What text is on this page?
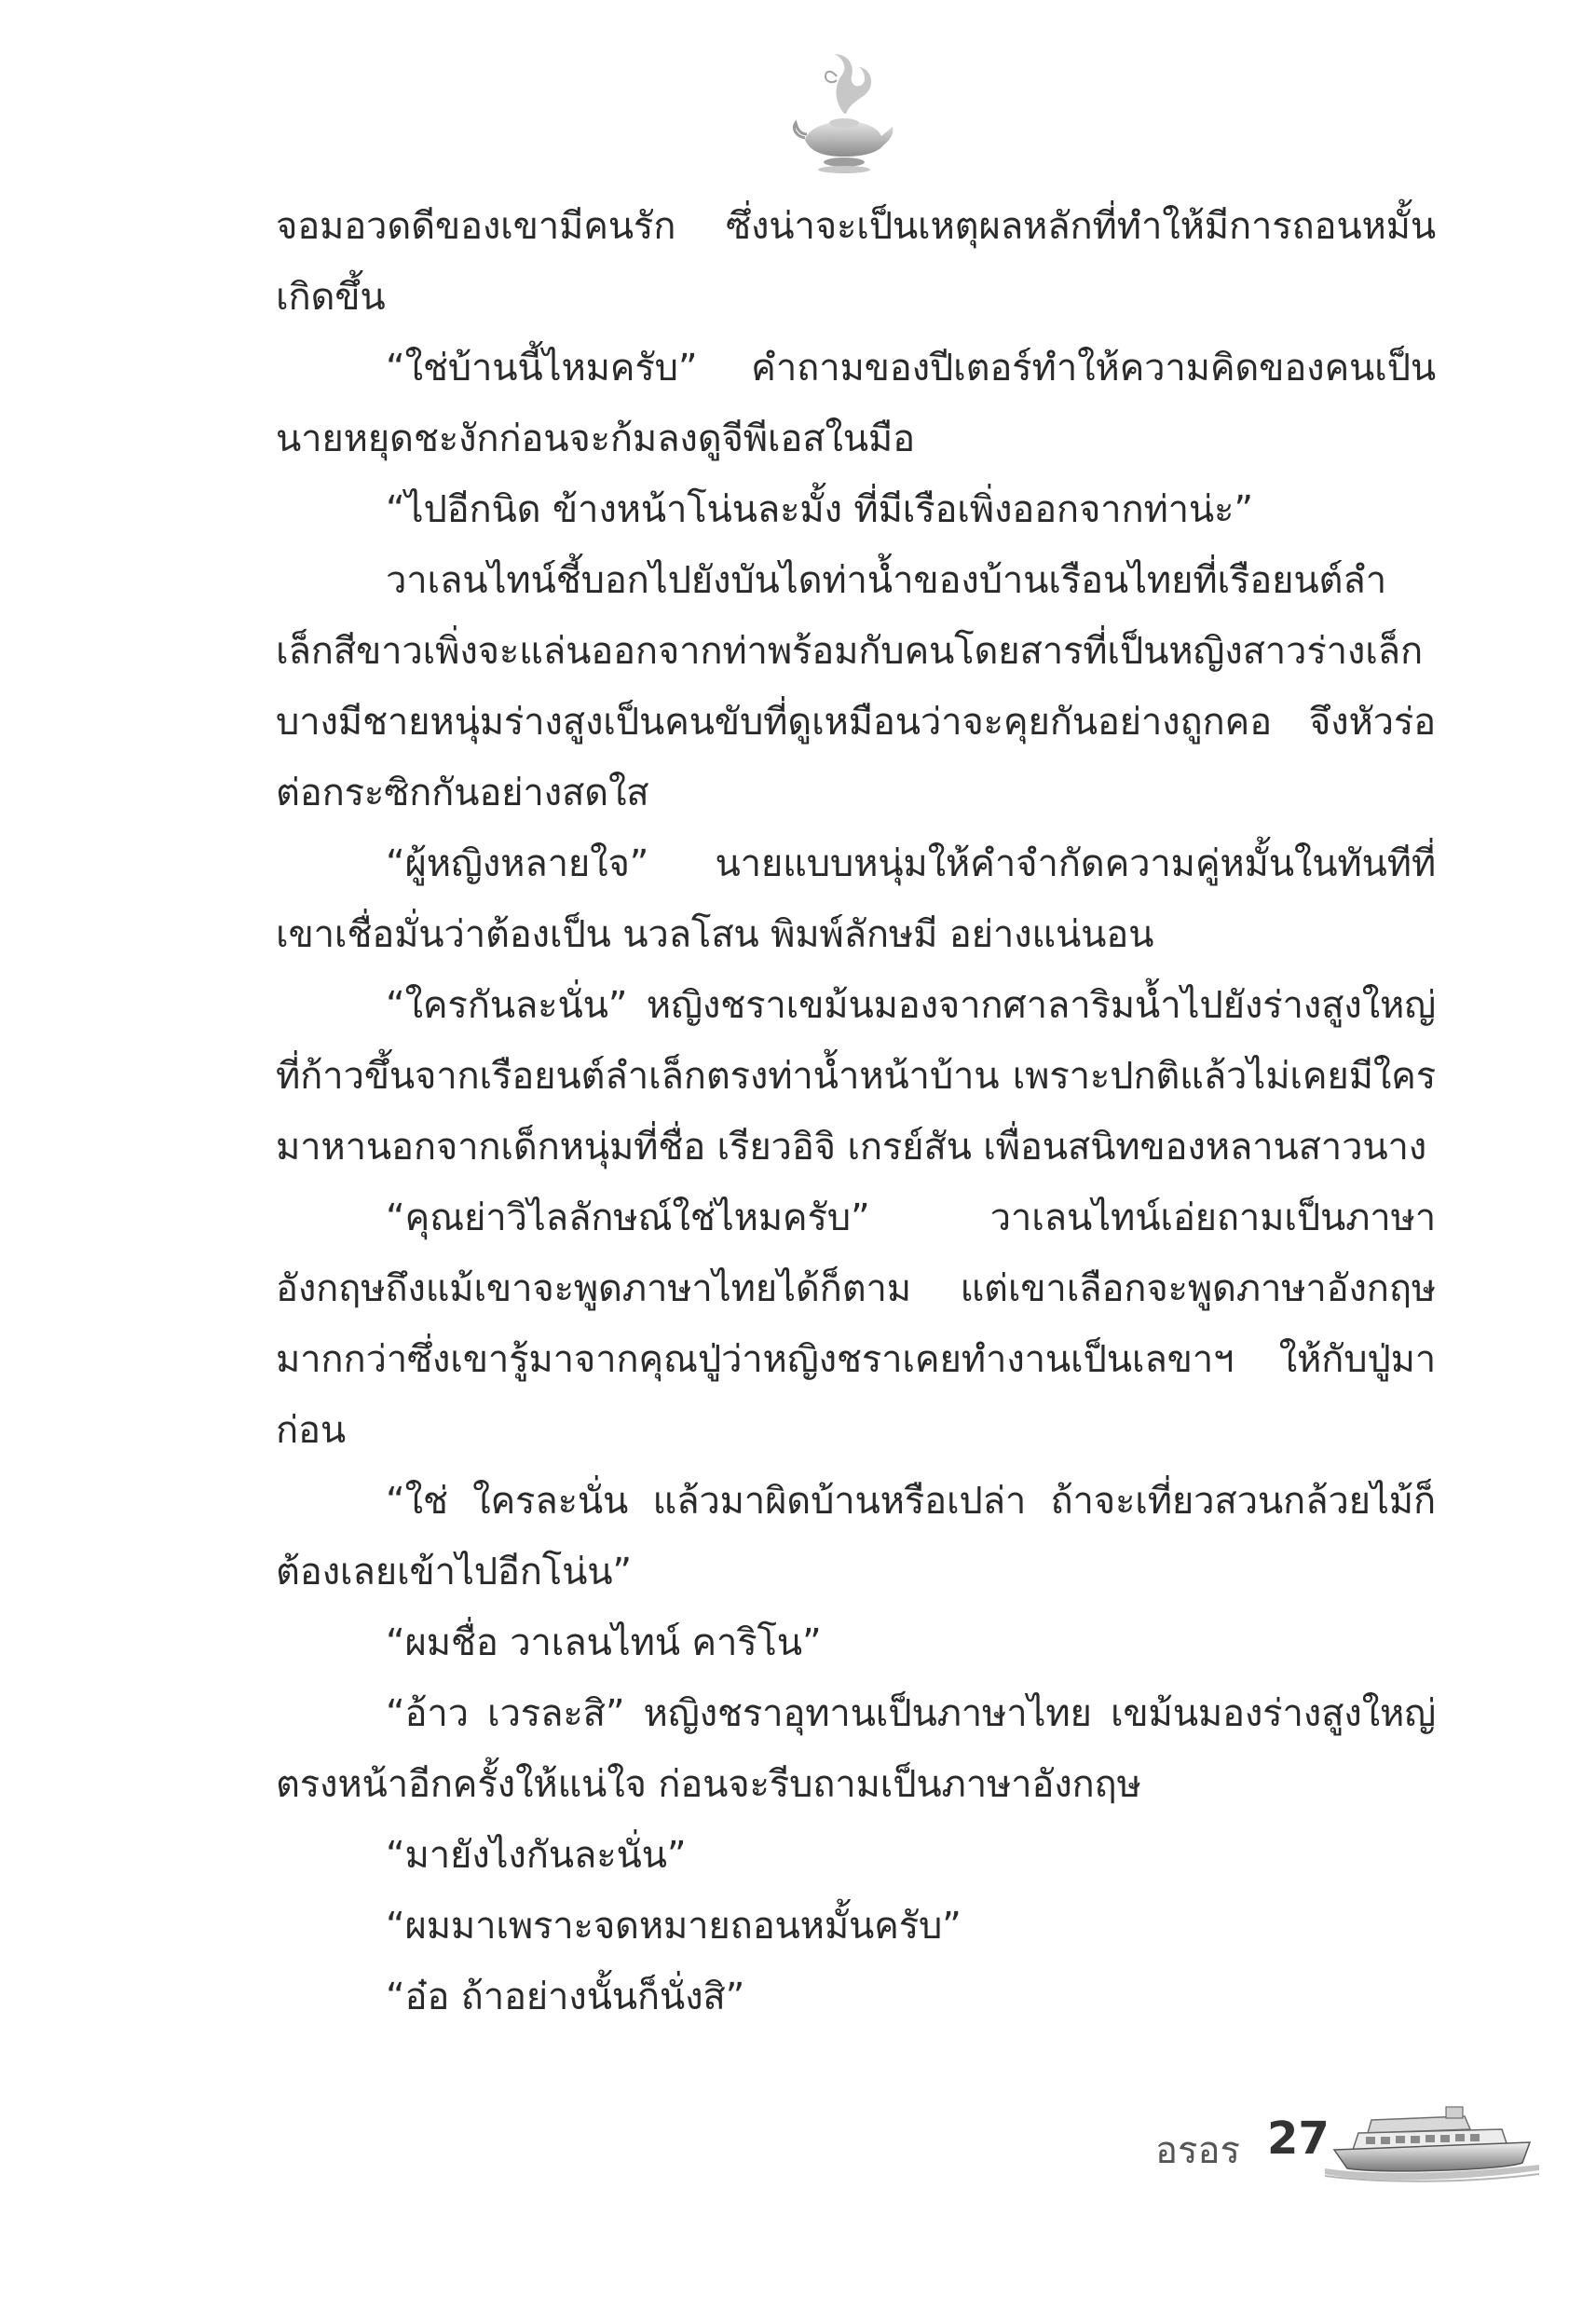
จอมอวดดีของเขามีคนรัก ซึ่งน่าจะเป็นเหตุผลหลักที่ทำให้มีการถอนหมั้นเกิดขึ้น

“ใช่บ้านนี้ไหมครับ” คำถามของปีเตอร์ทำให้ความคิดของคนเป็นนายหยุดชะงักก่อนจะก้มลงดูจีพีเอสในมือ

“ไปอีกนิด ข้างหน้าโน่นละมั้ง ที่มีเรือเพิ่งออกจากท่าน่ะ”

วาเลนไทน์ชี้บอกไปยังบันไดท่าน้ำของบ้านเรือนไทยที่เรือยนต์ลำเล็กสีขาวเพิ่งจะแล่นออกจากท่าพร้อมกับคนโดยสารที่เป็นหญิงสาวร่างเล็กบางมีชายหนุ่มร่างสูงเป็นคนขับที่ดูเหมือนว่าจะคุยกันอย่างถูกคอ จึงหัวร่อต่อกระซิกกันอย่างสดใส

“ผู้หญิงหลายใจ” นายแบบหนุ่มให้คำจำกัดความคู่หมั้นในทันทีที่เขาเชื่อมั่นว่าต้องเป็น นวลโสน พิมพ์ลักษมี อย่างแน่นอน

“ใครกันละนั่น” หญิงชราเขม้นมองจากศาลาริมน้ำไปยังร่างสูงใหญ่ที่ก้าวขึ้นจากเรือยนต์ลำเล็กตรงท่าน้ำหน้าบ้าน เพราะปกติแล้วไม่เคยมีใครมาหานอกจากเด็กหนุ่มที่ชื่อ เรียวอิจิ เกรย์สัน เพื่อนสนิทของหลานสาวนาง

“คุณย่าวิไลลักษณ์ใช่ไหมครับ” วาเลนไทน์เอ่ยถามเป็นภาษาอังกฤษถึงแม้เขาจะพูดภาษาไทยได้ก็ตาม แต่เขาเลือกจะพูดภาษาอังกฤษมากกว่าซึ่งเขารู้มาจากคุณปู่ว่าหญิงชราเคยทำงานเป็นเลขาฯ ให้กับปู่มาก่อน

“ใช่ ใครละนั่น แล้วมาผิดบ้านหรือเปล่า ถ้าจะเที่ยวสวนกล้วยไม้ก็ต้องเลยเข้าไปอีกโน่น”

“ผมชื่อ วาเลนไทน์ คาริโน”

“อ้าว เวรละสิ” หญิงชราอุทานเป็นภาษาไทย เขม้นมองร่างสูงใหญ่ตรงหน้าอีกครั้งให้แน่ใจ ก่อนจะรีบถามเป็นภาษาอังกฤษ

“มายังไงกันละนั่น”

“ผมมาเพราะจดหมายถอนหมั้นครับ”

“อ๋อ ถ้าอย่างนั้นก็นั่งสิ”

อรอร 27
